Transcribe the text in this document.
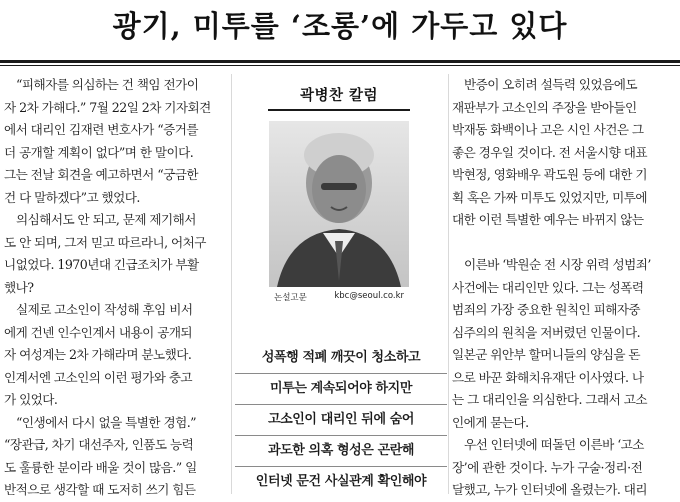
광기, 미투를 ‘조롱’에 가두고 있다
“피해자를 의심하는 건 책임 전가이
자 2차 가해다.” 7월 22일 2차 기자회견
에서 대리인 김재련 변호사가 “증거를
더 공개할 계획이 없다”며 한 말이다.
그는 전날 회견을 예고하면서 “궁금한
건 다 말하겠다”고 했었다.
의심해서도 안 되고, 문제 제기해서
도 안 되며, 그저 믿고 따르라니, 어처구
니없었다. 1970년대 긴급조치가 부활
했나?
실제로 고소인이 작성해 후임 비서
에게 건넨 인수인계서 내용이 공개되
자 여성계는 2차 가해라며 분노했다.
인계서엔 고소인의 이런 평가와 충고
가 있었다.
“인생에서 다시 없을 특별한 경험.”
“장관급, 차기 대선주자, 인품도 능력
도 훌륭한 분이라 배울 것이 많음.” 일
반적으로 생각할 때 도저히 쓰기 힘든
곽병찬 칼럼
논설고문	kbc@seoul.co.kr
성폭행 적폐 깨끗이 청소하고
미투는 계속되어야 하지만
고소인이 대리인 뒤에 숨어
과도한 의혹 형성은 곤란해
인터넷 문건 사실관계 확인해야
반증이 오히려 설득력 있었음에도
재판부가 고소인의 주장을 받아들인
박재동 화백이나 고은 시인 사건은 그
좋은 경우일 것이다. 전 서울시향 대표
박현정, 영화배우 곽도원 등에 대한 기
획 혹은 가짜 미투도 있었지만, 미투에
대한 이런 특별한 예우는 바뀌지 않는
이른바 ‘박원순 전 시장 위력 성범죄’
사건에는 대리인만 있다. 그는 성폭력
범죄의 가장 중요한 원칙인 피해자중
심주의의 원칙을 저버렸던 인물이다.
일본군 위안부 할머니들의 양심을 돈
으로 바꾼 화해치유재단 이사였다. 나
는 그 대리인을 의심한다. 그래서 고소
인에게 묻는다.
우선 인터넷에 떠돌던 이른바 ‘고소
장’에 관한 것이다. 누가 구술·정리·전
달했고, 누가 인터넷에 올렸는가. 대리
